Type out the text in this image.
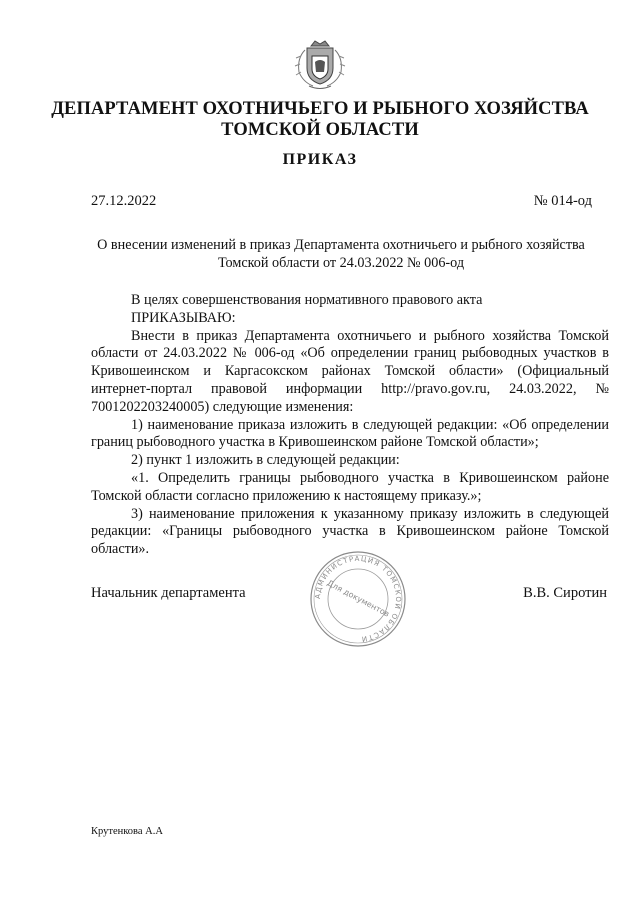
ДЕПАРТАМЕНТ ОХОТНИЧЬЕГО И РЫБНОГО ХОЗЯЙСТВА
ТОМСКОЙ ОБЛАСТИ
ПРИКАЗ
27.12.2022	№ 014-од
О внесении изменений в приказ Департамента охотничьего и рыбного хозяйства
Томской области от 24.03.2022 № 006-од

В целях совершенствования нормативного правового акта

ПРИКАЗЫВАЮ:

Внести в приказ Департамента охотничьего и рыбного хозяйства Томской области от 24.03.2022 № 006-од «Об определении границ рыбоводных участков в Кривошеинском и Каргасокском районах Томской области» (Официальный интернет-портал правовой информации http://pravo.gov.ru, 24.03.2022, № 7001202203240005) следующие изменения:

1) наименование приказа изложить в следующей редакции: «Об определении границ рыбоводного участка в Кривошеинском районе Томской области»;

2) пункт 1 изложить в следующей редакции:

«1. Определить границы рыбоводного участка в Кривошеинском районе Томской области согласно приложению к настоящему приказу.»;

3) наименование приложения к указанному приказу изложить в следующей редакции: «Границы рыбоводного участка в Кривошеинском районе Томской области».

Начальник департамента	АДМИНИСТРАЦИЯ ТОМСКОЙ ОБЛАСТИ
Для документов	В.В. Сиротин
Крутенкова А.А
